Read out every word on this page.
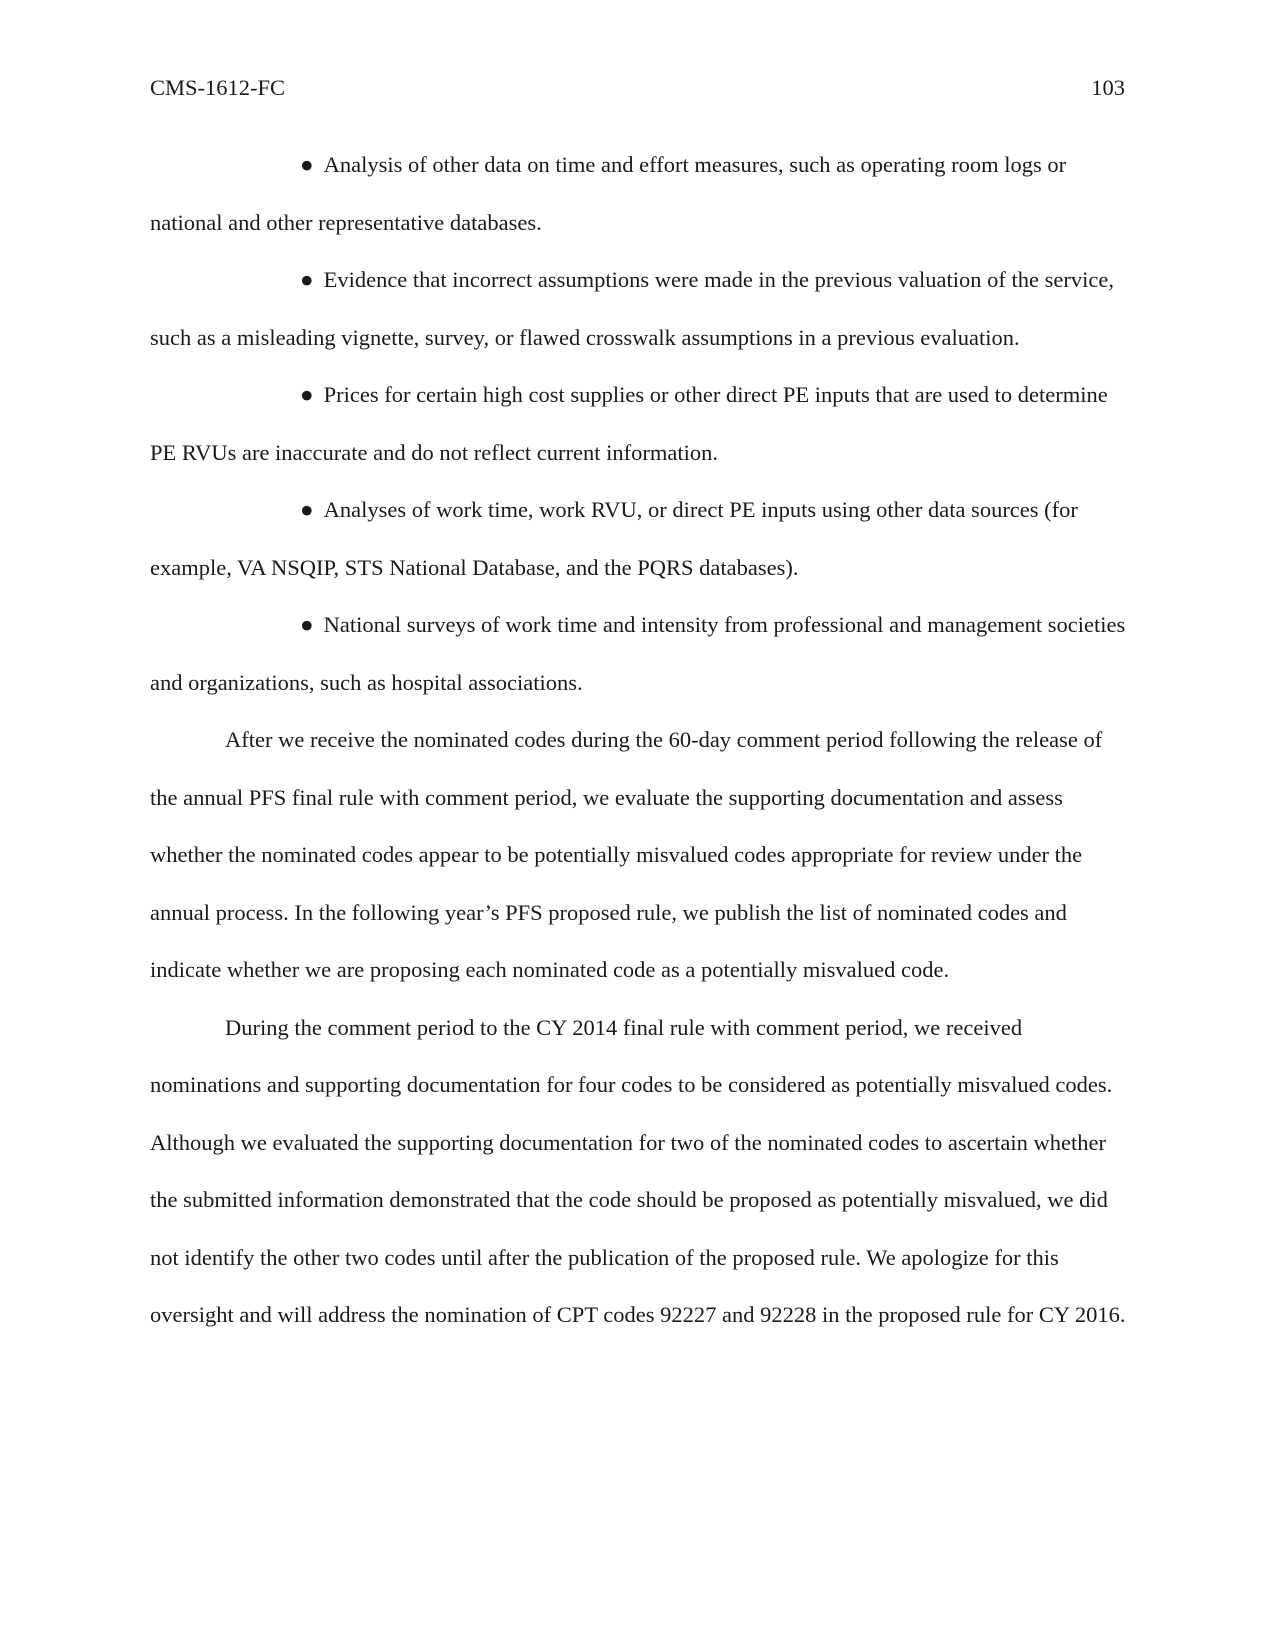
CMS-1612-FC	103

● Analysis of other data on time and effort measures, such as operating room logs or national and other representative databases.

● Evidence that incorrect assumptions were made in the previous valuation of the service, such as a misleading vignette, survey, or flawed crosswalk assumptions in a previous evaluation.

● Prices for certain high cost supplies or other direct PE inputs that are used to determine PE RVUs are inaccurate and do not reflect current information.

● Analyses of work time, work RVU, or direct PE inputs using other data sources (for example, VA NSQIP, STS National Database, and the PQRS databases).

● National surveys of work time and intensity from professional and management societies and organizations, such as hospital associations.

After we receive the nominated codes during the 60-day comment period following the release of the annual PFS final rule with comment period, we evaluate the supporting documentation and assess whether the nominated codes appear to be potentially misvalued codes appropriate for review under the annual process. In the following year’s PFS proposed rule, we publish the list of nominated codes and indicate whether we are proposing each nominated code as a potentially misvalued code.

During the comment period to the CY 2014 final rule with comment period, we received nominations and supporting documentation for four codes to be considered as potentially misvalued codes. Although we evaluated the supporting documentation for two of the nominated codes to ascertain whether the submitted information demonstrated that the code should be proposed as potentially misvalued, we did not identify the other two codes until after the publication of the proposed rule. We apologize for this oversight and will address the nomination of CPT codes 92227 and 92228 in the proposed rule for CY 2016.
